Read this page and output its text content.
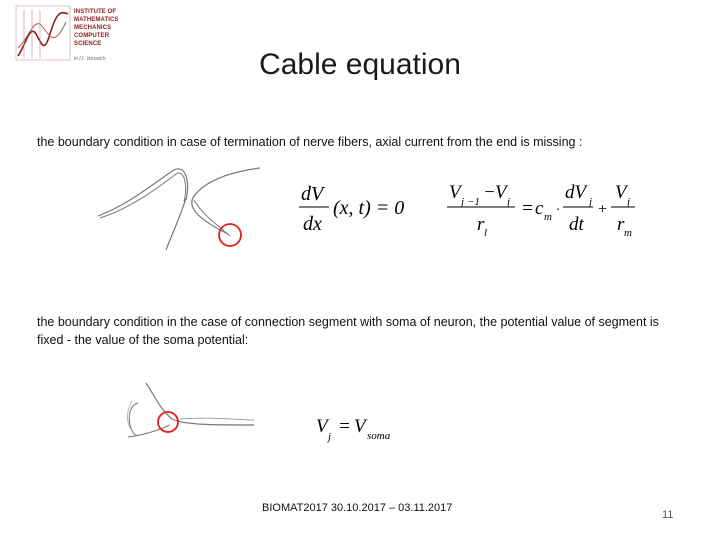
INSTITUTE OF
MATHEMATICS
MECHANICS
COMPUTER
SCIENCE
in I.I. Vorovich	Cable equation
the boundary condition in case of termination of nerve fibers, axial current from the end is missing :
dV
dx
(x, t) = 0
V j −1 − V j
r l
= c m ·
dV j
dt
+
V j
r m
the boundary condition in the case of connection segment with soma of neuron, the potential value of segment is fixed - the value of the soma potential:
V j = V soma
BIOMAT2017 30.10.2017 – 03.11.2017
11
